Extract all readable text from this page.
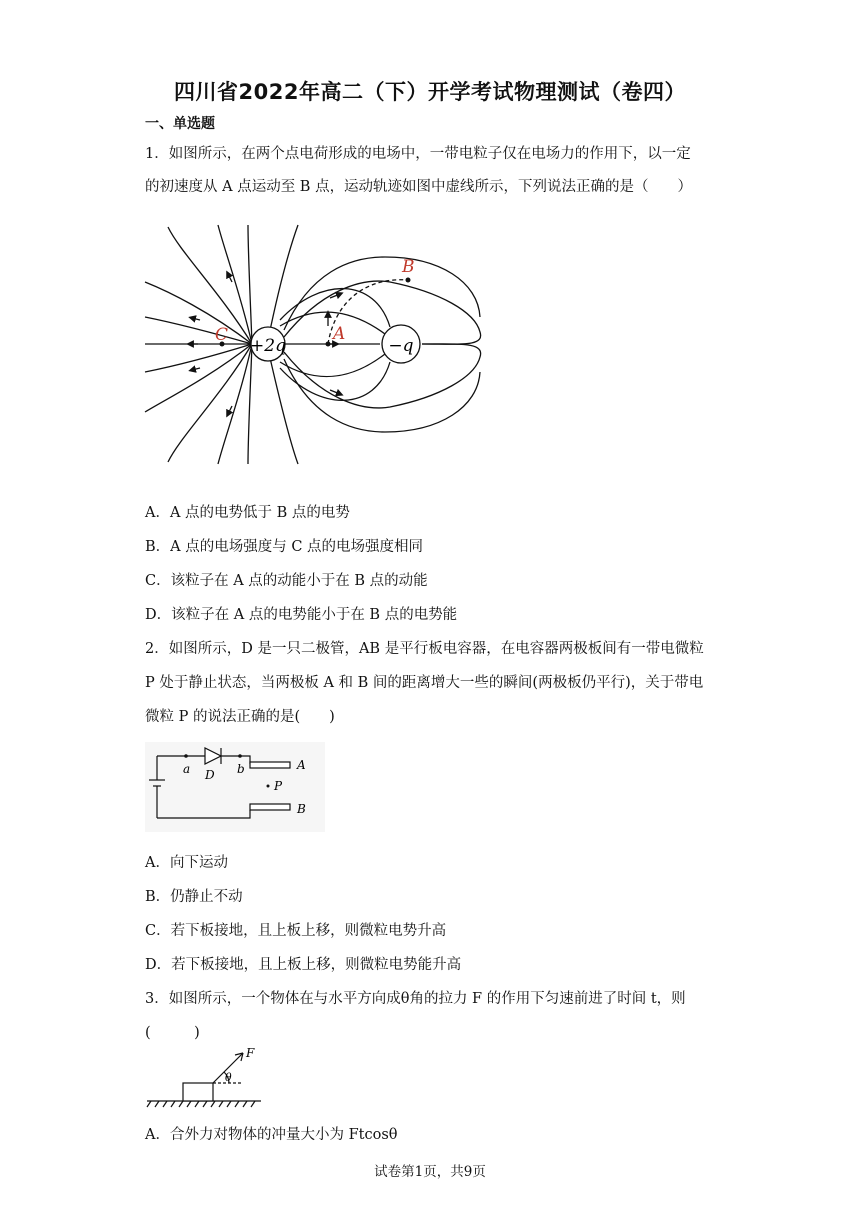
四川省2022年高二（下）开学考试物理测试（卷四）
一、单选题
1．如图所示，在两个点电荷形成的电场中，一带电粒子仅在电场力的作用下，以一定
的初速度从 A 点运动至 B 点，运动轨迹如图中虚线所示，下列说法正确的是（　　）
+2q	−q
A
B
C
A．A 点的电势低于 B 点的电势
B．A 点的电场强度与 C 点的电场强度相同
C．该粒子在 A 点的动能小于在 B 点的动能
D．该粒子在 A 点的电势能小于在 B 点的电势能
2．如图所示，D 是一只二极管，AB 是平行板电容器，在电容器两极板间有一带电微粒
P 处于静止状态，当两极板 A 和 B 间的距离增大一些的瞬间(两极板仍平行)，关于带电
微粒 P 的说法正确的是(　　)
a D b	A
P
B
A．向下运动
B．仍静止不动
C．若下板接地，且上板上移，则微粒电势升高
D．若下板接地，且上板上移，则微粒电势能升高
3．如图所示，一个物体在与水平方向成θ角的拉力 F 的作用下匀速前进了时间 t，则
(　　　)
F
θ
A．合外力对物体的冲量大小为 Ftcosθ
试卷第1页，共9页
